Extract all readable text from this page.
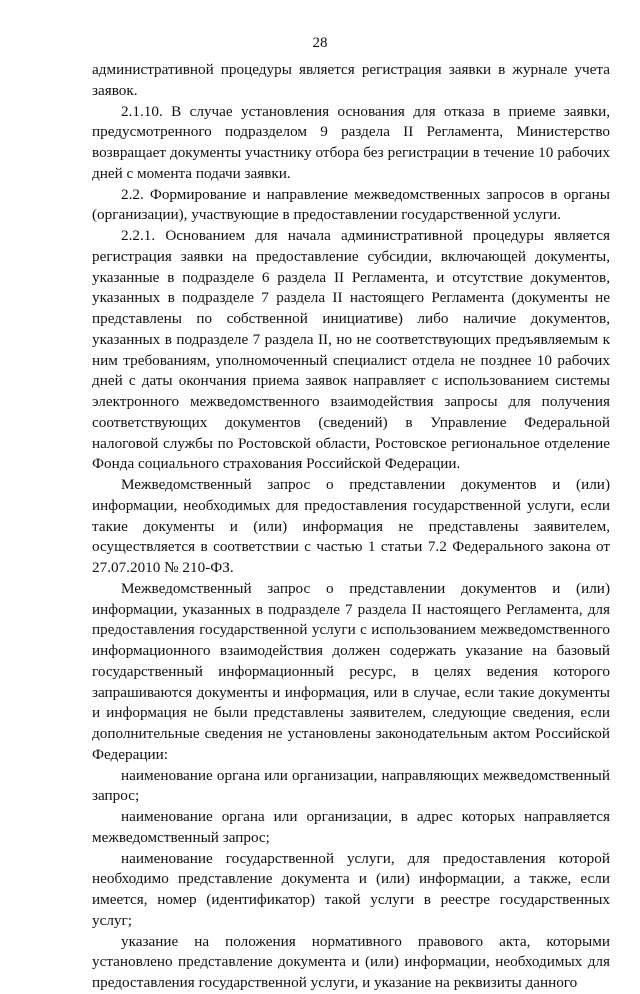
28

административной процедуры является регистрация заявки в журнале учета заявок.

2.1.10. В случае установления основания для отказа в приеме заявки, предусмотренного подразделом 9 раздела II Регламента, Министерство возвращает документы участнику отбора без регистрации в течение 10 рабочих дней с момента подачи заявки.

2.2. Формирование и направление межведомственных запросов в органы (организации), участвующие в предоставлении государственной услуги.

2.2.1. Основанием для начала административной процедуры является регистрация заявки на предоставление субсидии, включающей документы, указанные в подразделе 6 раздела II Регламента, и отсутствие документов, указанных в подразделе 7 раздела II настоящего Регламента (документы не представлены по собственной инициативе) либо наличие документов, указанных в подразделе 7 раздела II, но не соответствующих предъявляемым к ним требованиям, уполномоченный специалист отдела не позднее 10 рабочих дней с даты окончания приема заявок направляет с использованием системы электронного межведомственного взаимодействия запросы для получения соответствующих документов (сведений) в Управление Федеральной налоговой службы по Ростовской области, Ростовское региональное отделение Фонда социального страхования Российской Федерации.

Межведомственный запрос о представлении документов и (или) информации, необходимых для предоставления государственной услуги, если такие документы и (или) информация не представлены заявителем, осуществляется в соответствии с частью 1 статьи 7.2 Федерального закона от 27.07.2010 № 210-ФЗ.

Межведомственный запрос о представлении документов и (или) информации, указанных в подразделе 7 раздела II настоящего Регламента, для предоставления государственной услуги с использованием межведомственного информационного взаимодействия должен содержать указание на базовый государственный информационный ресурс, в целях ведения которого запрашиваются документы и информация, или в случае, если такие документы и информация не были представлены заявителем, следующие сведения, если дополнительные сведения не установлены законодательным актом Российской Федерации:

наименование органа или организации, направляющих межведомственный запрос;

наименование органа или организации, в адрес которых направляется межведомственный запрос;

наименование государственной услуги, для предоставления которой необходимо представление документа и (или) информации, а также, если имеется, номер (идентификатор) такой услуги в реестре государственных услуг;

указание на положения нормативного правового акта, которыми установлено представление документа и (или) информации, необходимых для предоставления государственной услуги, и указание на реквизиты данного
